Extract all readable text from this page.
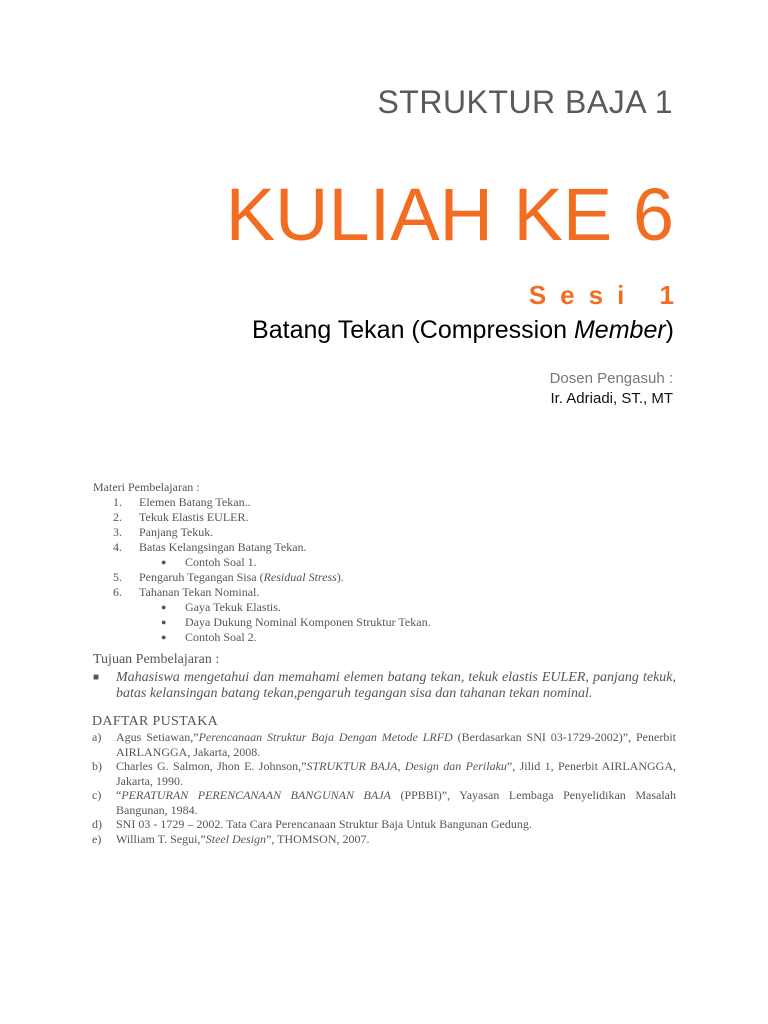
STRUKTUR BAJA 1
KULIAH KE 6
Sesi 1
Batang Tekan (Compression Member)
Dosen Pengasuh :
Ir. Adriadi, ST., MT
Materi Pembelajaran :
1.	Elemen Batang Tekan..
2.	Tekuk Elastis EULER.
3.	Panjang Tekuk.
4.	Batas Kelangsingan Batang Tekan.
●	Contoh Soal 1.
5.	Pengaruh Tegangan Sisa (Residual Stress).
6.	Tahanan Tekan Nominal.
●	Gaya Tekuk Elastis.
●	Daya Dukung Nominal Komponen Struktur Tekan.
●	Contoh Soal 2.
Tujuan Pembelajaran :
■	Mahasiswa mengetahui dan memahami elemen batang tekan, tekuk elastis EULER, panjang tekuk, batas kelansingan batang tekan,pengaruh tegangan sisa dan tahanan tekan nominal.
DAFTAR PUSTAKA
a)	Agus Setiawan,”Perencanaan Struktur Baja Dengan Metode LRFD (Berdasarkan SNI 03-1729-2002)”, Penerbit AIRLANGGA, Jakarta, 2008.
b)	Charles G. Salmon, Jhon E. Johnson,”STRUKTUR BAJA, Design dan Perilaku”, Jilid 1, Penerbit AIRLANGGA, Jakarta, 1990.
c)	“PERATURAN PERENCANAAN BANGUNAN BAJA (PPBBI)”, Yayasan Lembaga Penyelidikan Masalah Bangunan, 1984.
d)	SNI 03 - 1729 – 2002. Tata Cara Perencanaan Struktur Baja Untuk Bangunan Gedung.
e)	William T. Segui,”Steel Design”, THOMSON, 2007.
